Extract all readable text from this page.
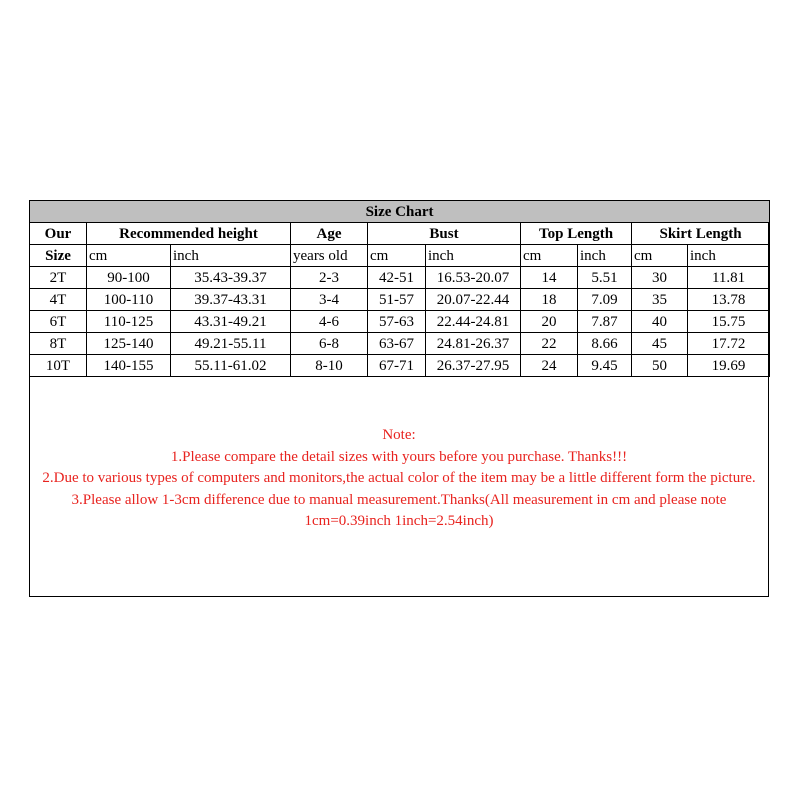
Size Chart									
Our	Recommended height		Age	Bust		Top Length		Skirt Length	
Size	cm	inch	years old	cm	inch	cm	inch	cm	inch
2T	90-100	35.43-39.37	2-3	42-51	16.53-20.07	14	5.51	30	11.81
4T	100-110	39.37-43.31	3-4	51-57	20.07-22.44	18	7.09	35	13.78
6T	110-125	43.31-49.21	4-6	57-63	22.44-24.81	20	7.87	40	15.75
8T	125-140	49.21-55.11	6-8	63-67	24.81-26.37	22	8.66	45	17.72
10T	140-155	55.11-61.02	8-10	67-71	26.37-27.95	24	9.45	50	19.69

Note:

1.Please compare the detail sizes with yours before you purchase. Thanks!!!

2.Due to various types of computers and monitors,the actual color of the item may be a little different form the picture.

3.Please allow 1-3cm difference due to manual measurement.Thanks(All measurement in cm and please note 1cm=0.39inch 1inch=2.54inch)
